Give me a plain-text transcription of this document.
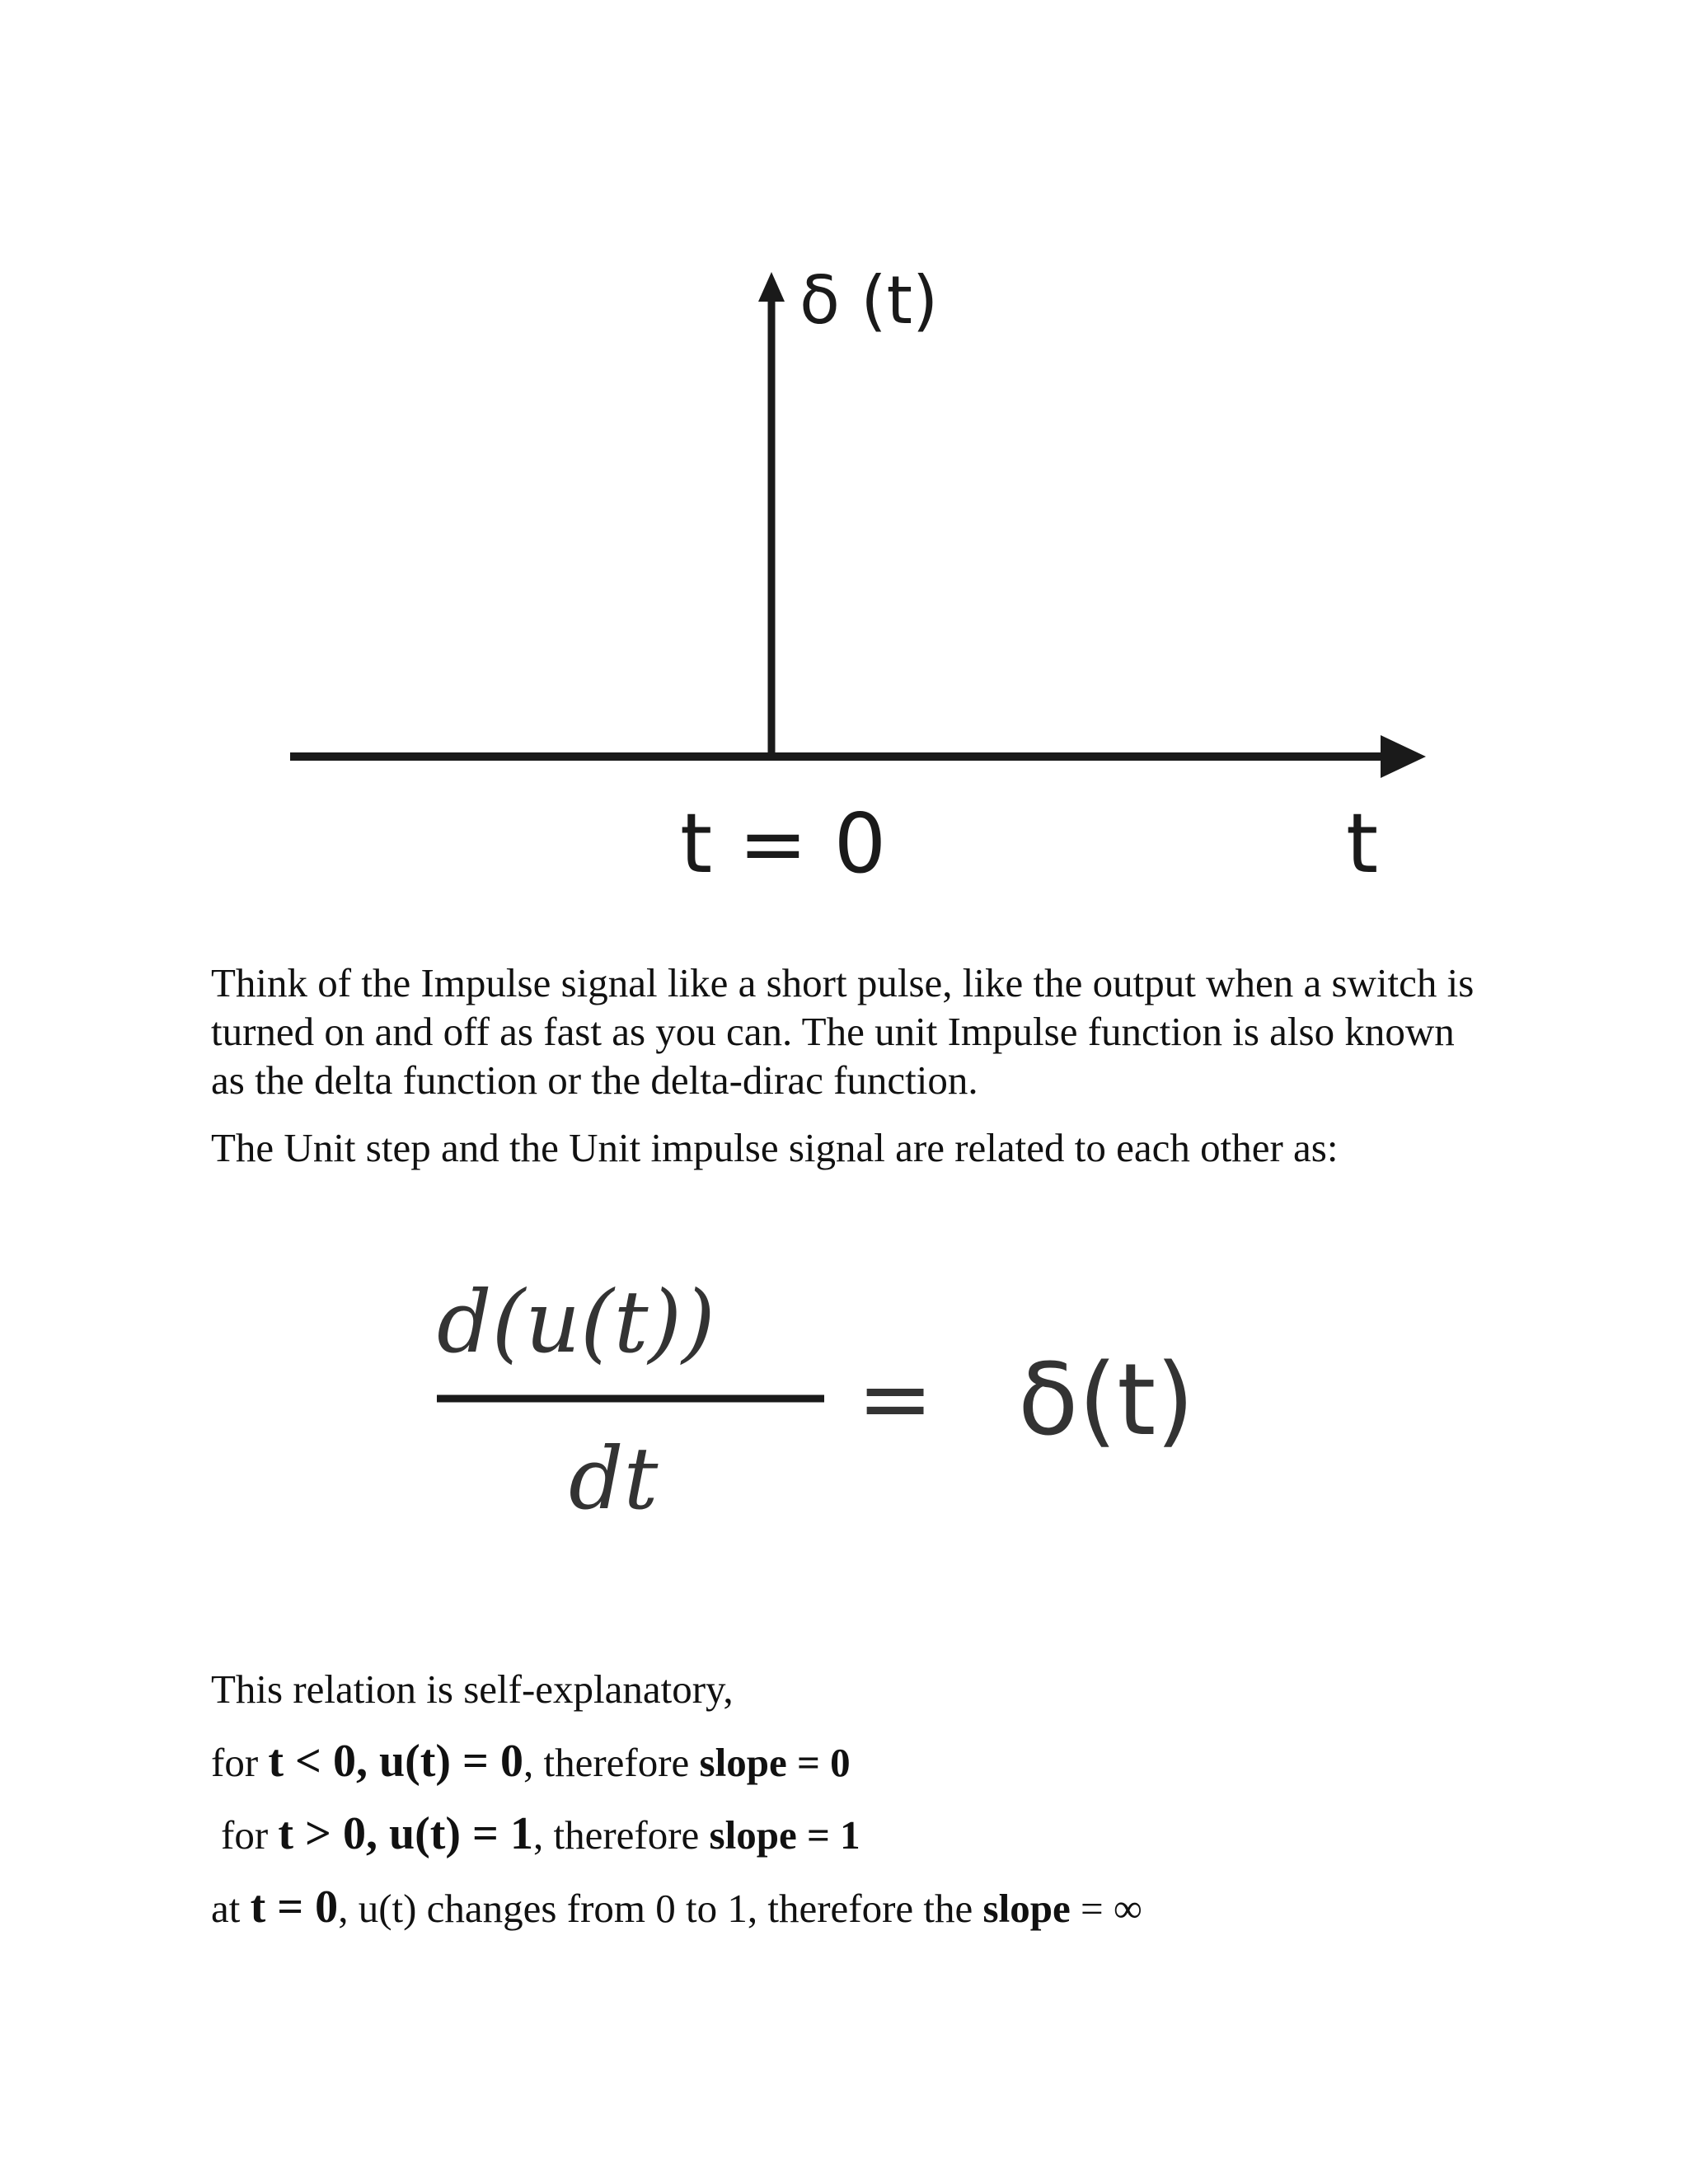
δ (t)
t = 0	t

Think of the Impulse signal like a short pulse, like the output when a switch is turned on and off as fast as you can. The unit Impulse function is also known as the delta function or the delta-dirac function.

The Unit step and the Unit impulse signal are related to each other as:

d(u(t))
dt
= δ(t)

This relation is self-explanatory,

for t < 0, u(t) = 0, therefore slope = 0

for t > 0, u(t) = 1, therefore slope = 1

at t = 0, u(t) changes from 0 to 1, therefore the slope = ∞
